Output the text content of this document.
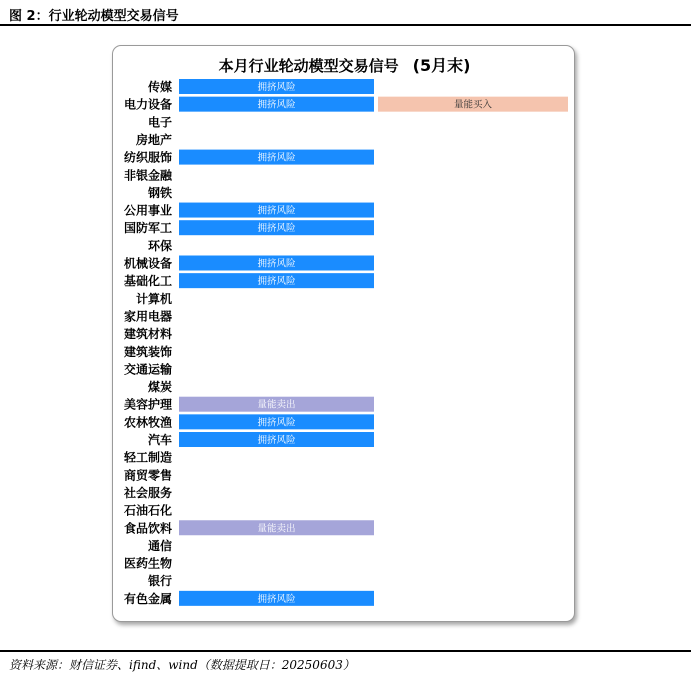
图 2：行业轮动模型交易信号
本月行业轮动模型交易信号 (5月末)
传媒	拥挤风险
电力设备	拥挤风险	量能买入
电子
房地产
纺织服饰	拥挤风险
非银金融
钢铁
公用事业	拥挤风险
国防军工	拥挤风险
环保
机械设备	拥挤风险
基础化工	拥挤风险
计算机
家用电器
建筑材料
建筑装饰
交通运输
煤炭
美容护理	量能卖出
农林牧渔	拥挤风险
汽车	拥挤风险
轻工制造
商贸零售
社会服务
石油石化
食品饮料	量能卖出
通信
医药生物
银行
有色金属	拥挤风险
资料来源：财信证券、ifind、wind（数据提取日：20250603）
